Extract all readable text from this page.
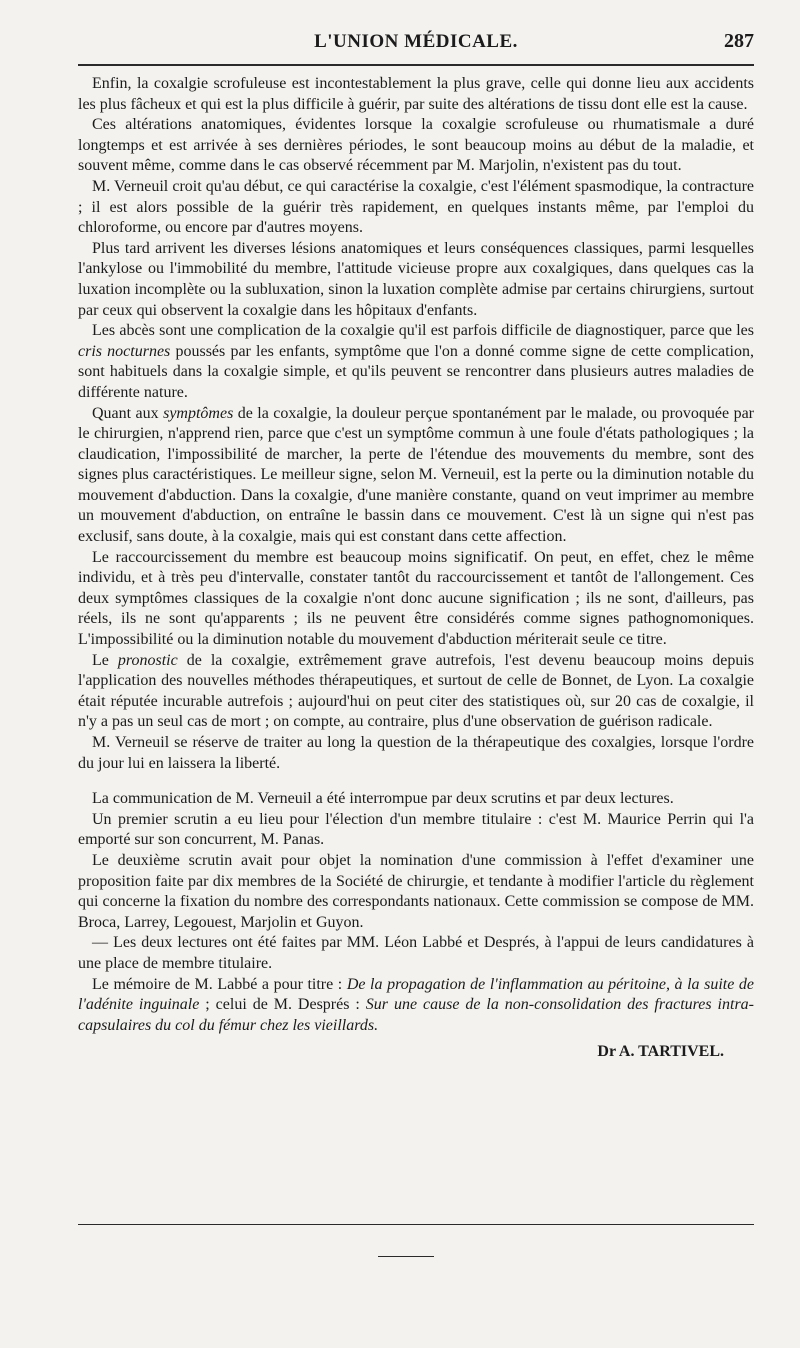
L'UNION MÉDICALE.	287

Enfin, la coxalgie scrofuleuse est incontestablement la plus grave, celle qui donne lieu aux accidents les plus fâcheux et qui est la plus difficile à guérir, par suite des altérations de tissu dont elle est la cause.

Ces altérations anatomiques, évidentes lorsque la coxalgie scrofuleuse ou rhumatismale a duré longtemps et est arrivée à ses dernières périodes, le sont beaucoup moins au début de la maladie, et souvent même, comme dans le cas observé récemment par M. Marjolin, n'existent pas du tout.

M. Verneuil croit qu'au début, ce qui caractérise la coxalgie, c'est l'élément spasmodique, la contracture ; il est alors possible de la guérir très rapidement, en quelques instants même, par l'emploi du chloroforme, ou encore par d'autres moyens.

Plus tard arrivent les diverses lésions anatomiques et leurs conséquences classiques, parmi lesquelles l'ankylose ou l'immobilité du membre, l'attitude vicieuse propre aux coxalgiques, dans quelques cas la luxation incomplète ou la subluxation, sinon la luxation complète admise par certains chirurgiens, surtout par ceux qui observent la coxalgie dans les hôpitaux d'enfants.

Les abcès sont une complication de la coxalgie qu'il est parfois difficile de diagnostiquer, parce que les cris nocturnes poussés par les enfants, symptôme que l'on a donné comme signe de cette complication, sont habituels dans la coxalgie simple, et qu'ils peuvent se rencontrer dans plusieurs autres maladies de différente nature.

Quant aux symptômes de la coxalgie, la douleur perçue spontanément par le malade, ou provoquée par le chirurgien, n'apprend rien, parce que c'est un symptôme commun à une foule d'états pathologiques ; la claudication, l'impossibilité de marcher, la perte de l'étendue des mouvements du membre, sont des signes plus caractéristiques. Le meilleur signe, selon M. Verneuil, est la perte ou la diminution notable du mouvement d'abduction. Dans la coxalgie, d'une manière constante, quand on veut imprimer au membre un mouvement d'abduction, on entraîne le bassin dans ce mouvement. C'est là un signe qui n'est pas exclusif, sans doute, à la coxalgie, mais qui est constant dans cette affection.

Le raccourcissement du membre est beaucoup moins significatif. On peut, en effet, chez le même individu, et à très peu d'intervalle, constater tantôt du raccourcissement et tantôt de l'allongement. Ces deux symptômes classiques de la coxalgie n'ont donc aucune signification ; ils ne sont, d'ailleurs, pas réels, ils ne sont qu'apparents ; ils ne peuvent être considérés comme signes pathognomoniques. L'impossibilité ou la diminution notable du mouvement d'abduction mériterait seule ce titre.

Le pronostic de la coxalgie, extrêmement grave autrefois, l'est devenu beaucoup moins depuis l'application des nouvelles méthodes thérapeutiques, et surtout de celle de Bonnet, de Lyon. La coxalgie était réputée incurable autrefois ; aujourd'hui on peut citer des statistiques où, sur 20 cas de coxalgie, il n'y a pas un seul cas de mort ; on compte, au contraire, plus d'une observation de guérison radicale.

M. Verneuil se réserve de traiter au long la question de la thérapeutique des coxalgies, lorsque l'ordre du jour lui en laissera la liberté.

La communication de M. Verneuil a été interrompue par deux scrutins et par deux lectures.

Un premier scrutin a eu lieu pour l'élection d'un membre titulaire : c'est M. Maurice Perrin qui l'a emporté sur son concurrent, M. Panas.

Le deuxième scrutin avait pour objet la nomination d'une commission à l'effet d'examiner une proposition faite par dix membres de la Société de chirurgie, et tendante à modifier l'article du règlement qui concerne la fixation du nombre des correspondants nationaux. Cette commission se compose de MM. Broca, Larrey, Legouest, Marjolin et Guyon.

— Les deux lectures ont été faites par MM. Léon Labbé et Després, à l'appui de leurs candidatures à une place de membre titulaire.

Le mémoire de M. Labbé a pour titre : De la propagation de l'inflammation au péritoine, à la suite de l'adénite inguinale ; celui de M. Després : Sur une cause de la non-consolidation des fractures intra-capsulaires du col du fémur chez les vieillards.

Dr A. TARTIVEL.
